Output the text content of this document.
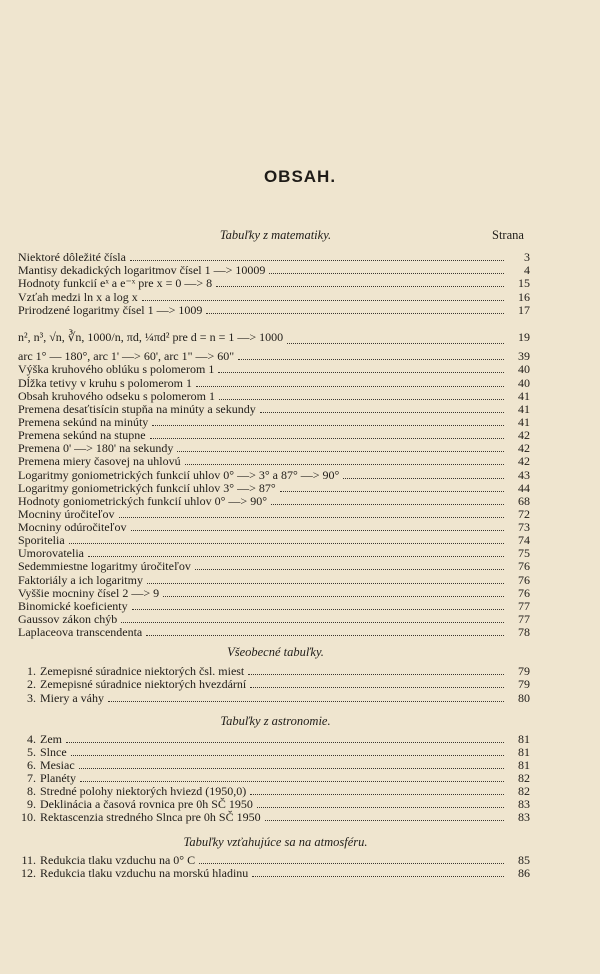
OBSAH.
Strana
Tabuľky z matematiky.
Niektoré dôležité čísla	3
Mantisy dekadických logaritmov čísel 1 —> 10009	4
Hodnoty funkcií eˣ a e⁻ˣ pre x = 0 —> 8	15
Vzťah medzi ln x a log x	16
Prirodzené logaritmy čísel 1 —> 1009	17
n², n³, √n, ∛n, 1000/n, πd, ¼πd² pre d = n = 1 —> 1000	19
arc 1° — 180°, arc 1' —> 60', arc 1" —> 60"	39
Výška kruhového oblúku s polomerom 1	40
Dĺžka tetivy v kruhu s polomerom 1	40
Obsah kruhového odseku s polomerom 1	41
Premena desaťtisícin stupňa na minúty a sekundy	41
Premena sekúnd na minúty	41
Premena sekúnd na stupne	42
Premena 0' —> 180' na sekundy	42
Premena miery časovej na uhlovú	42
Logaritmy goniometrických funkcií uhlov 0° —> 3° a 87° —> 90°	43
Logaritmy goniometrických funkcií uhlov 3° —> 87°	44
Hodnoty goniometrických funkcií uhlov 0° —> 90°	68
Mocniny úročiteľov	72
Mocniny odúročiteľov	73
Sporitelia	74
Umorovatelia	75
Sedemmiestne logaritmy úročiteľov	76
Faktoriály a ich logaritmy	76
Vyššie mocniny čísel 2 —> 9	76
Binomické koeficienty	77
Gaussov zákon chýb	77
Laplaceova transcendenta	78
Všeobecné tabuľky.
1. Zemepisné súradnice niektorých čsl. miest	79
2. Zemepisné súradnice niektorých hvezdární	79
3. Miery a váhy	80
Tabuľky z astronomie.
4. Zem	81
5. Slnce	81
6. Mesiac	81
7. Planéty	82
8. Stredné polohy niektorých hviezd (1950,0)	82
9. Deklinácia a časová rovnica pre 0h SČ 1950	83
10. Rektascenzia stredného Slnca pre 0h SČ 1950	83
Tabuľky vzťahujúce sa na atmosféru.
11. Redukcia tlaku vzduchu na 0° C	85
12. Redukcia tlaku vzduchu na morskú hladinu	86
